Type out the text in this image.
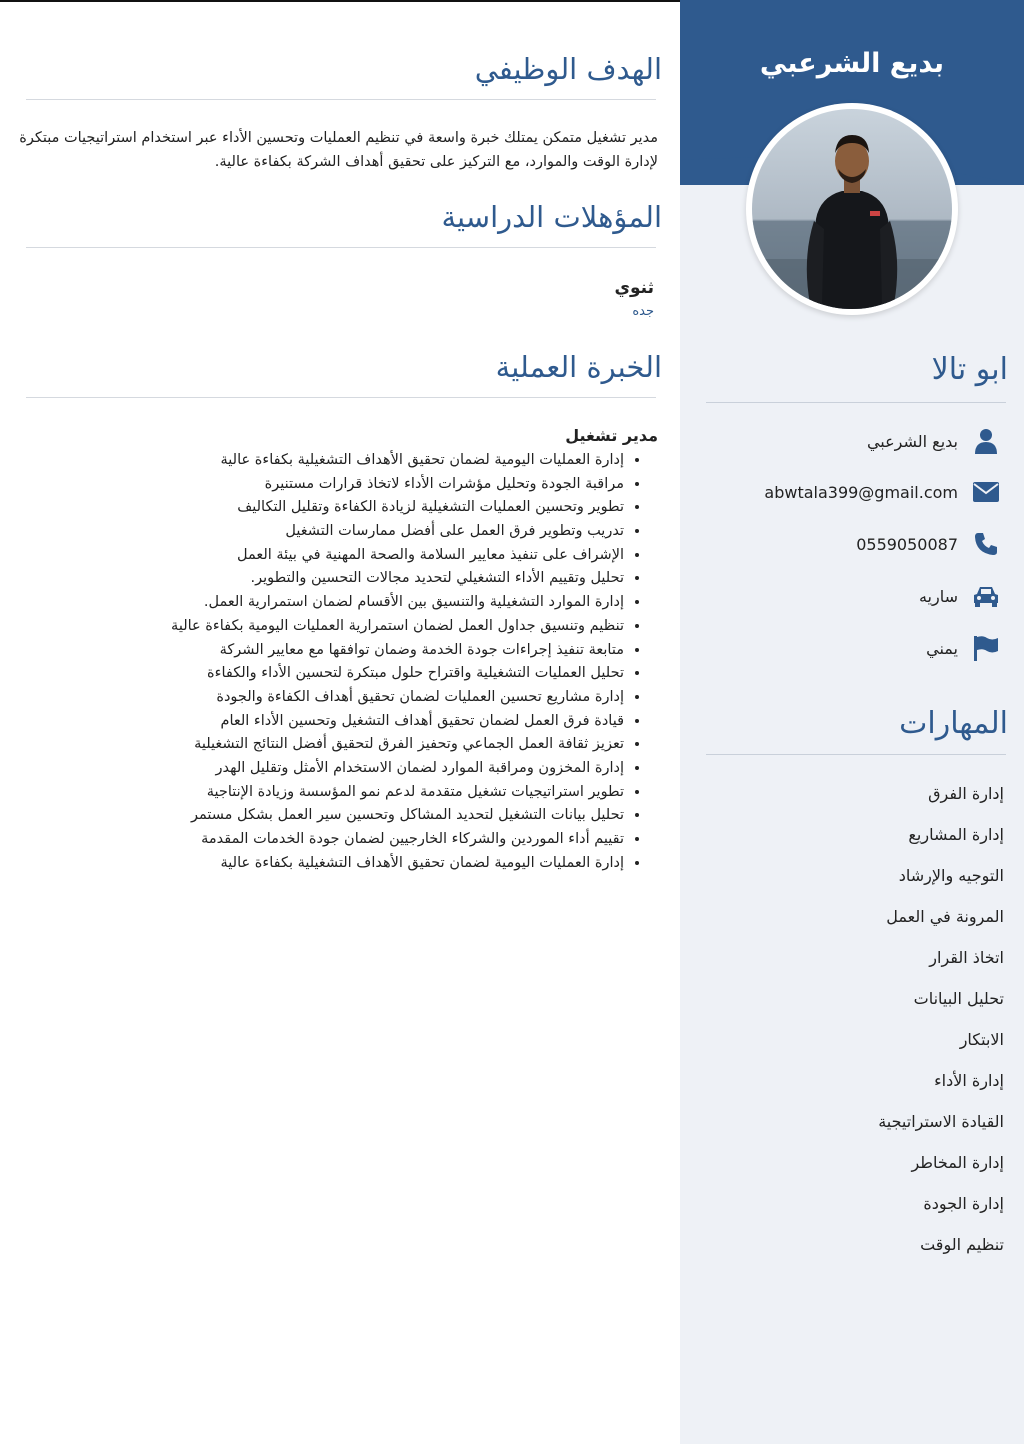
بديع الشرعبي
ابو تالا
بديع الشرعبي
abwtala399@gmail.com
0559050087
ساريه
يمني
المهارات
إدارة الفرق
إدارة المشاريع
التوجيه والإرشاد
المرونة في العمل
اتخاذ القرار
تحليل البيانات
الابتكار
إدارة الأداء
القيادة الاستراتيجية
إدارة المخاطر
إدارة الجودة
تنظيم الوقت
الهدف الوظيفي

مدير تشغيل متمكن يمتلك خبرة واسعة في تنظيم العمليات وتحسين الأداء عبر استخدام استراتيجيات مبتكرة لإدارة الوقت والموارد، مع التركيز على تحقيق أهداف الشركة بكفاءة عالية.

المؤهلات الدراسية

ثنوي

جده
الخبرة العملية

مدير تشغيل

• إدارة العمليات اليومية لضمان تحقيق الأهداف التشغيلية بكفاءة عالية
• مراقبة الجودة وتحليل مؤشرات الأداء لاتخاذ قرارات مستنيرة
• تطوير وتحسين العمليات التشغيلية لزيادة الكفاءة وتقليل التكاليف
• تدريب وتطوير فرق العمل على أفضل ممارسات التشغيل
• الإشراف على تنفيذ معايير السلامة والصحة المهنية في بيئة العمل
• تحليل وتقييم الأداء التشغيلي لتحديد مجالات التحسين والتطوير.
• إدارة الموارد التشغيلية والتنسيق بين الأقسام لضمان استمرارية العمل.
• تنظيم وتنسيق جداول العمل لضمان استمرارية العمليات اليومية بكفاءة عالية
• متابعة تنفيذ إجراءات جودة الخدمة وضمان توافقها مع معايير الشركة
• تحليل العمليات التشغيلية واقتراح حلول مبتكرة لتحسين الأداء والكفاءة
• إدارة مشاريع تحسين العمليات لضمان تحقيق أهداف الكفاءة والجودة
• قيادة فرق العمل لضمان تحقيق أهداف التشغيل وتحسين الأداء العام
• تعزيز ثقافة العمل الجماعي وتحفيز الفرق لتحقيق أفضل النتائج التشغيلية
• إدارة المخزون ومراقبة الموارد لضمان الاستخدام الأمثل وتقليل الهدر
• تطوير استراتيجيات تشغيل متقدمة لدعم نمو المؤسسة وزيادة الإنتاجية
• تحليل بيانات التشغيل لتحديد المشاكل وتحسين سير العمل بشكل مستمر
• تقييم أداء الموردين والشركاء الخارجيين لضمان جودة الخدمات المقدمة
• إدارة العمليات اليومية لضمان تحقيق الأهداف التشغيلية بكفاءة عالية
